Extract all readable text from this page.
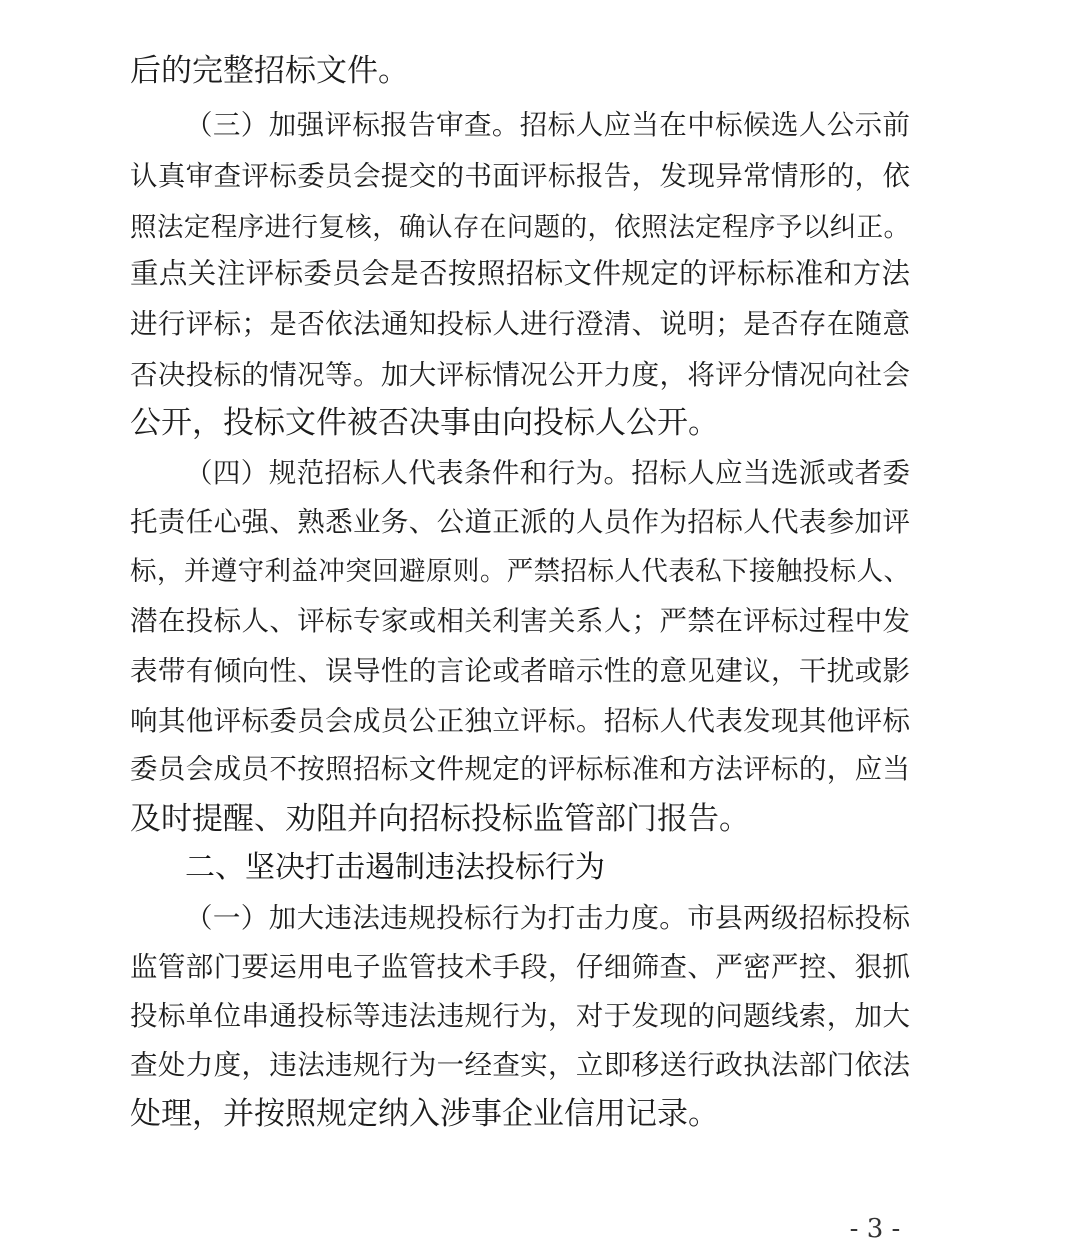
后的完整招标文件。
（三）加强评标报告审查。招标人应当在中标候选人公示前
认真审查评标委员会提交的书面评标报告，发现异常情形的，依
照法定程序进行复核，确认存在问题的，依照法定程序予以纠正。
重点关注评标委员会是否按照招标文件规定的评标标准和方法
进行评标；是否依法通知投标人进行澄清、说明；是否存在随意
否决投标的情况等。加大评标情况公开力度，将评分情况向社会
公开，投标文件被否决事由向投标人公开。
（四）规范招标人代表条件和行为。招标人应当选派或者委
托责任心强、熟悉业务、公道正派的人员作为招标人代表参加评
标，并遵守利益冲突回避原则。严禁招标人代表私下接触投标人、
潜在投标人、评标专家或相关利害关系人；严禁在评标过程中发
表带有倾向性、误导性的言论或者暗示性的意见建议，干扰或影
响其他评标委员会成员公正独立评标。招标人代表发现其他评标
委员会成员不按照招标文件规定的评标标准和方法评标的，应当
及时提醒、劝阻并向招标投标监管部门报告。
二、坚决打击遏制违法投标行为
（一）加大违法违规投标行为打击力度。市县两级招标投标
监管部门要运用电子监管技术手段，仔细筛查、严密严控、狠抓
投标单位串通投标等违法违规行为，对于发现的问题线索，加大
查处力度，违法违规行为一经查实，立即移送行政执法部门依法
处理，并按照规定纳入涉事企业信用记录。
- 3 -
